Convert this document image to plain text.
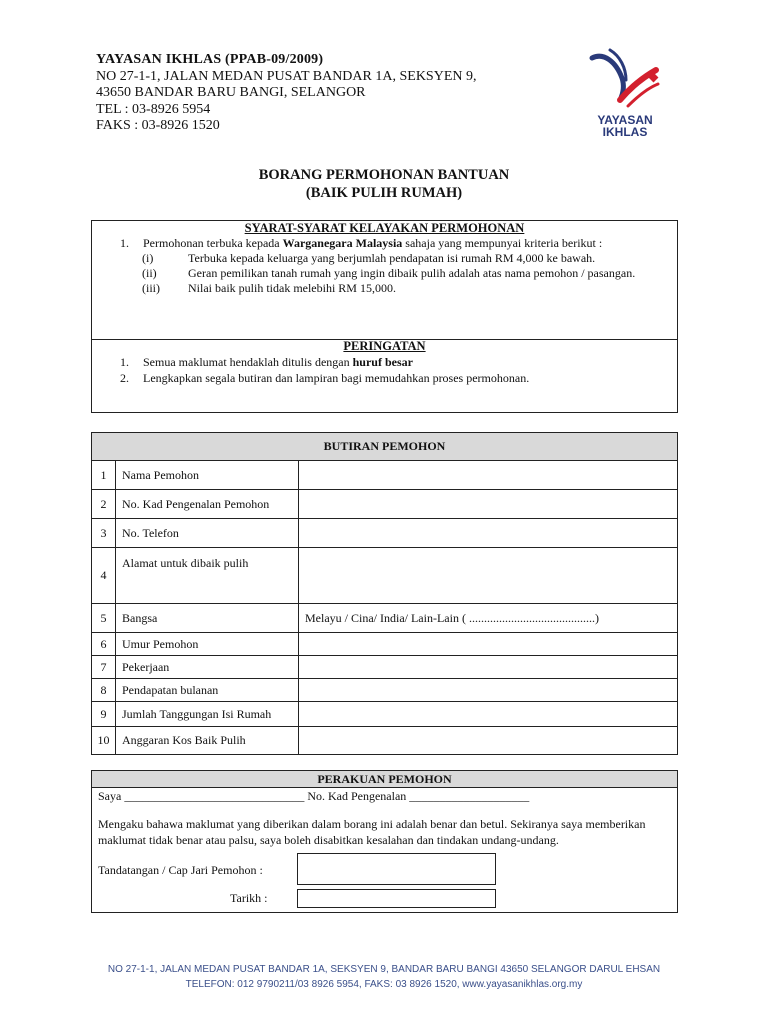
YAYASAN IKHLAS (PPAB-09/2009)
NO 27-1-1, JALAN MEDAN PUSAT BANDAR 1A, SEKSYEN 9,
43650 BANDAR BARU BANGI, SELANGOR
TEL : 03-8926 5954
FAKS : 03-8926 1520	YAYASAN
IKHLAS
BORANG PERMOHONAN BANTUAN
(BAIK PULIH RUMAH)
SYARAT-SYARAT KELAYAKAN PERMOHONAN
1. Permohonan terbuka kepada Warganegara Malaysia sahaja yang mempunyai kriteria berikut :
(i)	Terbuka kepada keluarga yang berjumlah pendapatan isi rumah RM 4,000 ke bawah.
(ii)	Geran pemilikan tanah rumah yang ingin dibaik pulih adalah atas nama pemohon / pasangan.
(iii) Nilai baik pulih tidak melebihi RM 15,000.
PERINGATAN
1. Semua maklumat hendaklah ditulis dengan huruf besar
2. Lengkapkan segala butiran dan lampiran bagi memudahkan proses permohonan.
BUTIRAN PEMOHON		
1	Nama Pemohon	
2	No. Kad Pengenalan Pemohon	
3	No. Telefon	
4	Alamat untuk dibaik pulih	
5	Bangsa	Melayu / Cina/ India/ Lain-Lain ( ..........................................)
6	Umur Pemohon	
7	Pekerjaan	
8	Pendapatan bulanan	
9	Jumlah Tanggungan Isi Rumah	
10	Anggaran Kos Baik Pulih	
PERAKUAN PEMOHON
Saya ______________________________ No. Kad Pengenalan ____________________
Mengaku bahawa maklumat yang diberikan dalam borang ini adalah benar dan betul. Sekiranya saya memberikan
maklumat tidak benar atau palsu, saya boleh disabitkan kesalahan dan tindakan undang-undang.
Tandatangan / Cap Jari Pemohon :
Tarikh :
NO 27-1-1, JALAN MEDAN PUSAT BANDAR 1A, SEKSYEN 9, BANDAR BARU BANGI 43650 SELANGOR DARUL EHSAN
TELEFON: 012 9790211/03 8926 5954, FAKS: 03 8926 1520, www.yayasanikhlas.org.my
